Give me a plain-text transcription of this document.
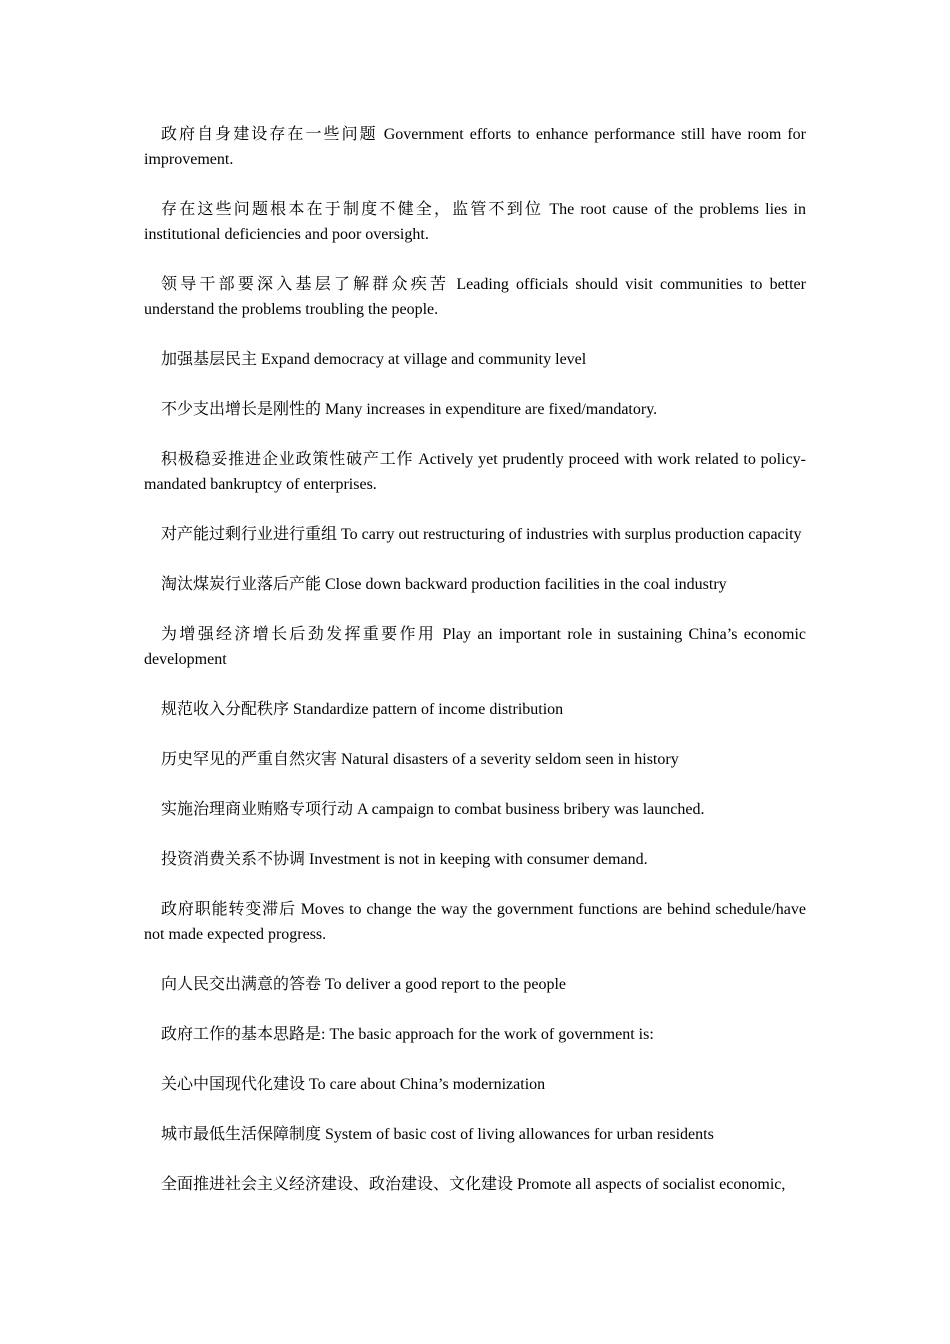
政府自身建设存在一些问题 Government efforts to enhance performance still have room for improvement.

存在这些问题根本在于制度不健全，监管不到位 The root cause of the problems lies in institutional deficiencies and poor oversight.

领导干部要深入基层了解群众疾苦 Leading officials should visit communities to better understand the problems troubling the people.

加强基层民主 Expand democracy at village and community level

不少支出增长是刚性的 Many increases in expenditure are fixed/mandatory.

积极稳妥推进企业政策性破产工作 Actively yet prudently proceed with work related to policy-mandated bankruptcy of enterprises.

对产能过剩行业进行重组 To carry out restructuring of industries with surplus production capacity

淘汰煤炭行业落后产能 Close down backward production facilities in the coal industry

为增强经济增长后劲发挥重要作用 Play an important role in sustaining China’s economic development

规范收入分配秩序 Standardize pattern of income distribution

历史罕见的严重自然灾害 Natural disasters of a severity seldom seen in history

实施治理商业贿赂专项行动 A campaign to combat business bribery was launched.

投资消费关系不协调 Investment is not in keeping with consumer demand.

政府职能转变滞后 Moves to change the way the government functions are behind schedule/have not made expected progress.

向人民交出满意的答卷 To deliver a good report to the people

政府工作的基本思路是: The basic approach for the work of government is:

关心中国现代化建设 To care about China’s modernization

城市最低生活保障制度 System of basic cost of living allowances for urban residents

全面推进社会主义经济建设、政治建设、文化建设 Promote all aspects of socialist economic,
